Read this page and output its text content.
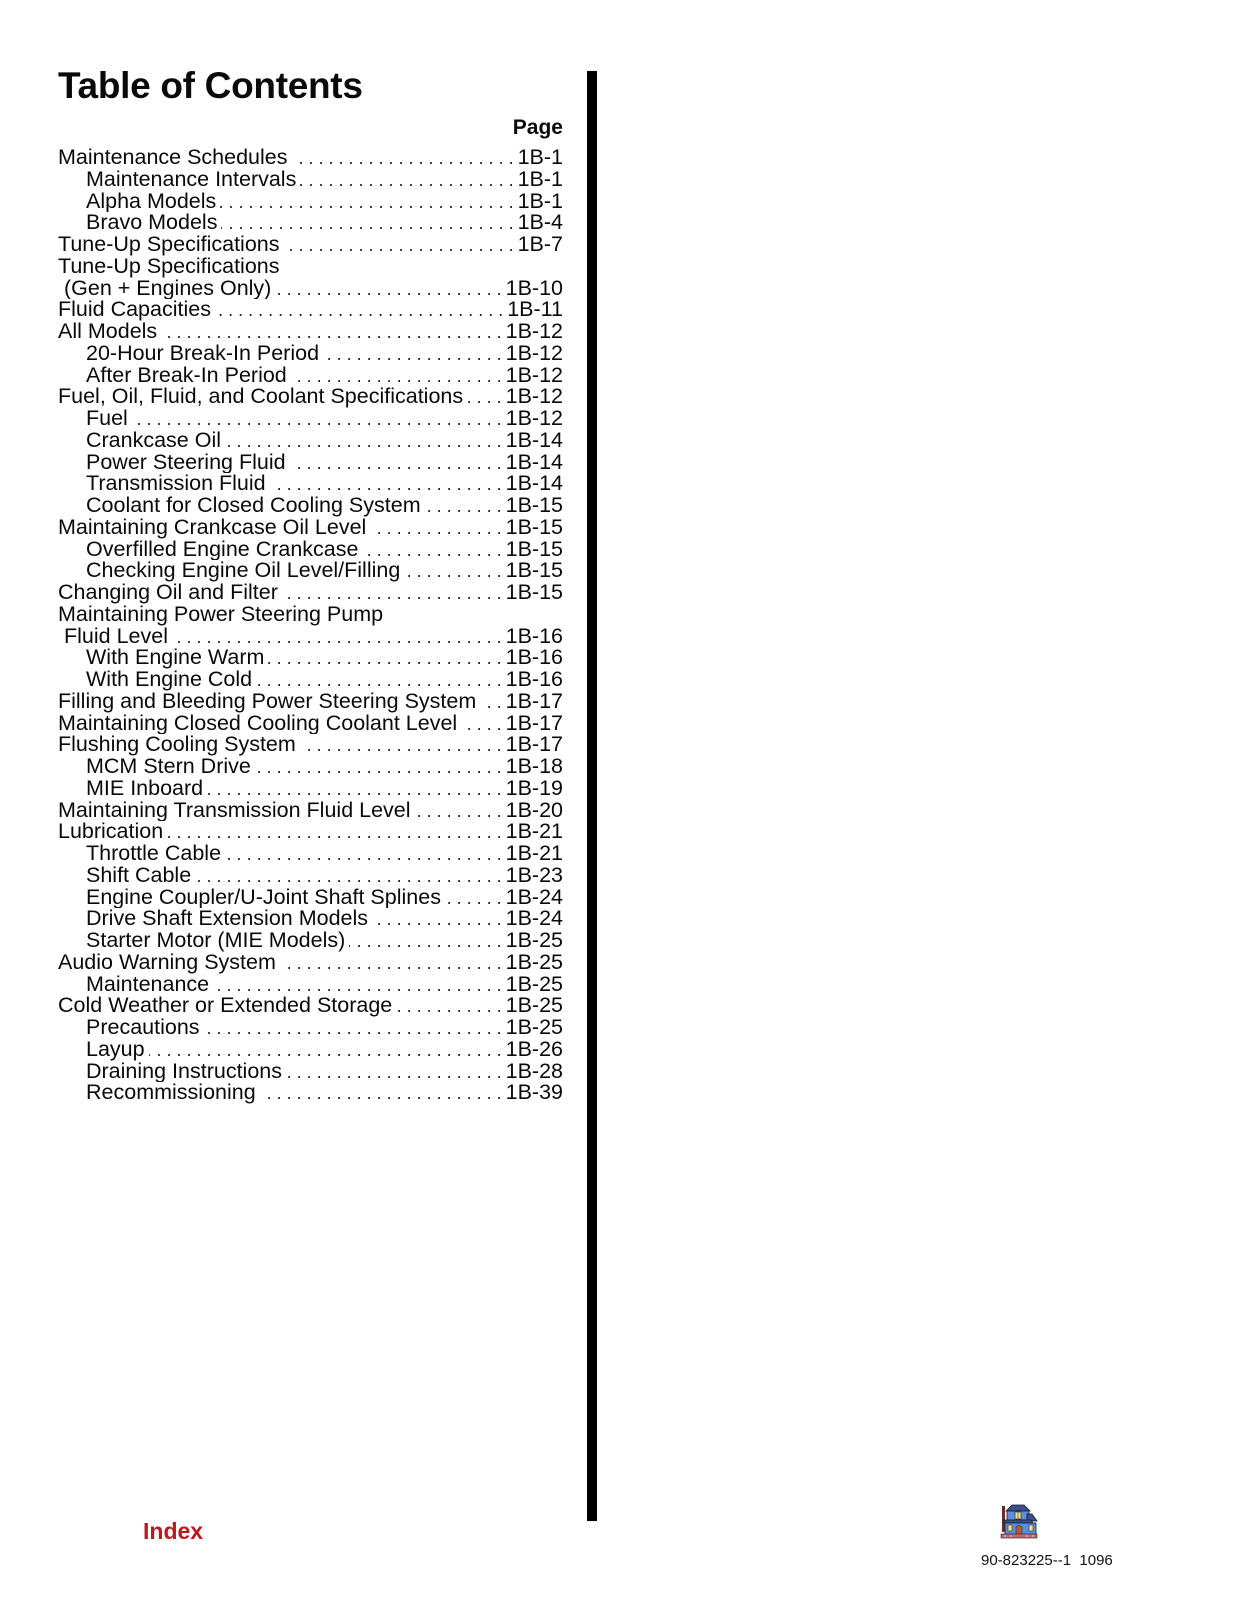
Table of Contents
Page
Maintenance Schedules . . .	1B-1
Maintenance Intervals . . .	1B-1
Alpha Models . . .	1B-1
Bravo Models . . .	1B-4
Tune-Up Specifications . . .	1B-7
Tune-Up Specifications
(Gen + Engines Only) . . .	1B-10
Fluid Capacities . . .	1B-11
All Models . . .	1B-12
20-Hour Break-In Period . . .	1B-12
After Break-In Period . . .	1B-12
Fuel, Oil, Fluid, and Coolant Specifications . . . 1B-12
Fuel . . .	1B-12
Crankcase Oil . . .	1B-14
Power Steering Fluid . . .	1B-14
Transmission Fluid . . .	1B-14
Coolant for Closed Cooling System . . .	1B-15
Maintaining Crankcase Oil Level . . .	1B-15
Overfilled Engine Crankcase . . .	1B-15
Checking Engine Oil Level/Filling . . .	1B-15
Changing Oil and Filter . . .	1B-15
Maintaining Power Steering Pump
Fluid Level . . .	1B-16
With Engine Warm . . .	1B-16
With Engine Cold . . .	1B-16
Filling and Bleeding Power Steering System . . . 1B-17
Maintaining Closed Cooling Coolant Level . . . 1B-17
Flushing Cooling System . . .	1B-17
MCM Stern Drive . . .	1B-18
MIE Inboard . . .	1B-19
Maintaining Transmission Fluid Level . . .	1B-20
Lubrication . . .	1B-21
Throttle Cable . . .	1B-21
Shift Cable . . .	1B-23
Engine Coupler/U-Joint Shaft Splines . . .	1B-24
Drive Shaft Extension Models . . .	1B-24
Starter Motor (MIE Models) . . .	1B-25
Audio Warning System . . .	1B-25
Maintenance . . .	1B-25
Cold Weather or Extended Storage . . .	1B-25
Precautions . . .	1B-25
Layup . . .	1B-26
Draining Instructions . . .	1B-28
Recommissioning . . .	1B-39
Index
90-823225--1  1096
